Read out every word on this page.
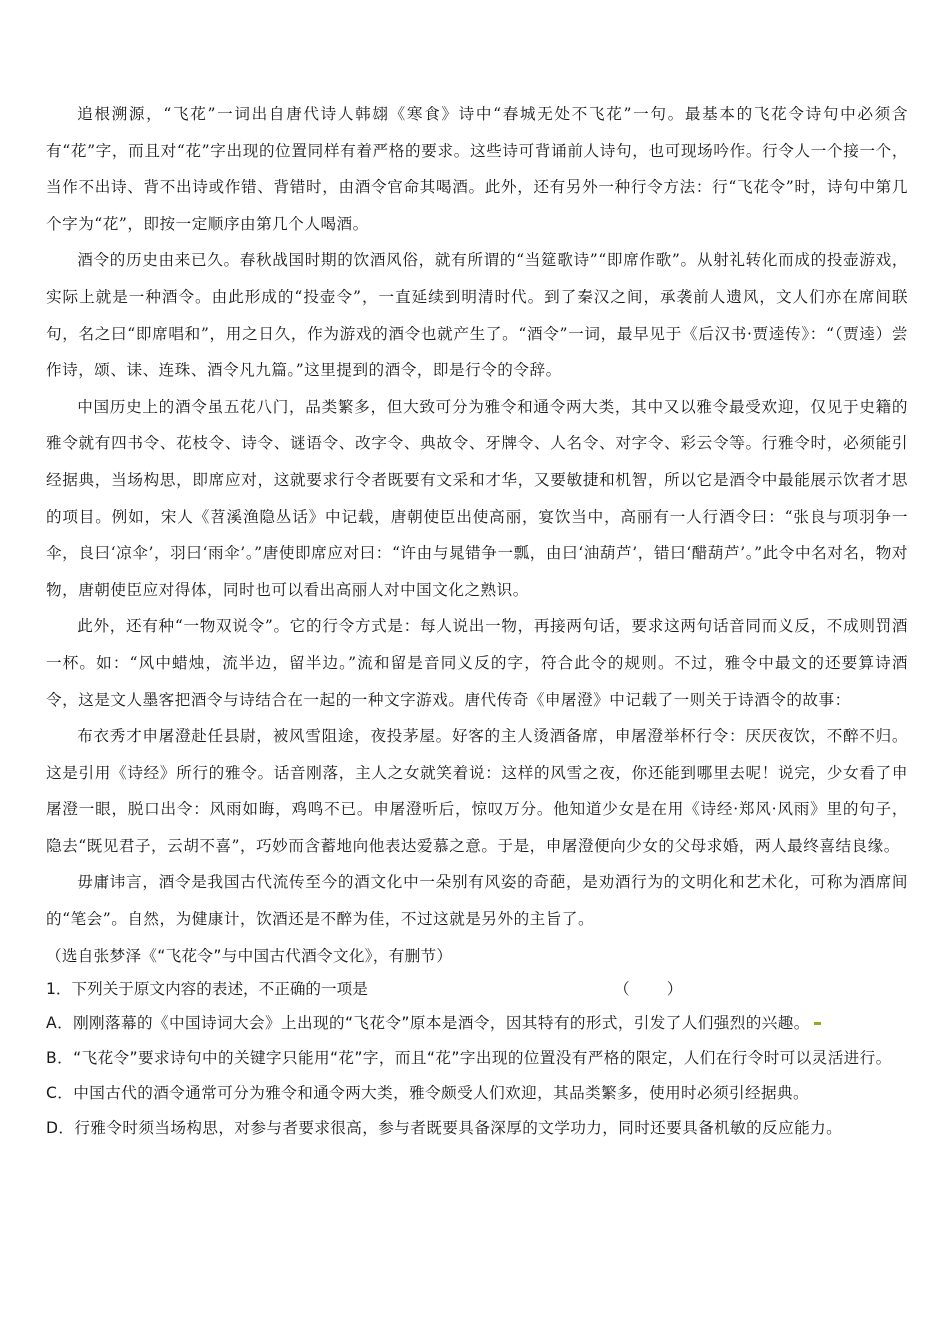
追根溯源，“飞花”一词出自唐代诗人韩翃《寒食》诗中“春城无处不飞花”一句。最基本的飞花令诗句中必须含有“花”字，而且对“花”字出现的位置同样有着严格的要求。这些诗可背诵前人诗句，也可现场吟作。行令人一个接一个，当作不出诗、背不出诗或作错、背错时，由酒令官命其喝酒。此外，还有另外一种行令方法：行“飞花令”时，诗句中第几个字为“花”，即按一定顺序由第几个人喝酒。

酒令的历史由来已久。春秋战国时期的饮酒风俗，就有所谓的“当筵歌诗”“即席作歌”。从射礼转化而成的投壶游戏，实际上就是一种酒令。由此形成的“投壶令”，一直延续到明清时代。到了秦汉之间，承袭前人遗风，文人们亦在席间联句，名之曰“即席唱和”，用之日久，作为游戏的酒令也就产生了。“酒令”一词，最早见于《后汉书·贾逵传》：“（贾逵）尝作诗，颂、诔、连珠、酒令凡九篇。”这里提到的酒令，即是行令的令辞。

中国历史上的酒令虽五花八门，品类繁多，但大致可分为雅令和通令两大类，其中又以雅令最受欢迎，仅见于史籍的雅令就有四书令、花枝令、诗令、谜语令、改字令、典故令、牙牌令、人名令、对字令、彩云令等。行雅令时，必须能引经据典，当场构思，即席应对，这就要求行令者既要有文采和才华，又要敏捷和机智，所以它是酒令中最能展示饮者才思的项目。例如，宋人《苕溪渔隐丛话》中记载，唐朝使臣出使高丽，宴饮当中，高丽有一人行酒令曰：“张良与项羽争一伞，良曰‘凉伞’，羽曰‘雨伞’。”唐使即席应对曰：“许由与晁错争一瓢，由曰‘油葫芦’，错曰‘醋葫芦’。”此令中名对名，物对物，唐朝使臣应对得体，同时也可以看出高丽人对中国文化之熟识。

此外，还有种“一物双说令”。它的行令方式是：每人说出一物，再接两句话，要求这两句话音同而义反，不成则罚酒一杯。如：“风中蜡烛，流半边，留半边。”流和留是音同义反的字，符合此令的规则。不过，雅令中最文的还要算诗酒令，这是文人墨客把酒令与诗结合在一起的一种文字游戏。唐代传奇《申屠澄》中记载了一则关于诗酒令的故事：

布衣秀才申屠澄赴任县尉，被风雪阻途，夜投茅屋。好客的主人烫酒备席，申屠澄举杯行令：厌厌夜饮，不醉不归。这是引用《诗经》所行的雅令。话音刚落，主人之女就笑着说：这样的风雪之夜，你还能到哪里去呢！说完，少女看了申屠澄一眼，脱口出令：风雨如晦，鸡鸣不已。申屠澄听后，惊叹万分。他知道少女是在用《诗经·郑风·风雨》里的句子，隐去“既见君子，云胡不喜”，巧妙而含蓄地向他表达爱慕之意。于是，申屠澄便向少女的父母求婚，两人最终喜结良缘。

毋庸讳言，酒令是我国古代流传至今的酒文化中一朵别有风姿的奇葩，是劝酒行为的文明化和艺术化，可称为酒席间的“笔会”。自然，为健康计，饮酒还是不醉为佳，不过这就是另外的主旨了。

（选自张梦泽《“飞花令”与中国古代酒令文化》，有删节）

1．下列关于原文内容的表述，不正确的一项是	（　　）

A．刚刚落幕的《中国诗词大会》上出现的“飞花令”原本是酒令，因其特有的形式，引发了人们强烈的兴趣。

B．“飞花令”要求诗句中的关键字只能用“花”字，而且“花”字出现的位置没有严格的限定，人们在行令时可以灵活进行。

C．中国古代的酒令通常可分为雅令和通令两大类，雅令颇受人们欢迎，其品类繁多，使用时必须引经据典。

D．行雅令时须当场构思，对参与者要求很高，参与者既要具备深厚的文学功力，同时还要具备机敏的反应能力。
